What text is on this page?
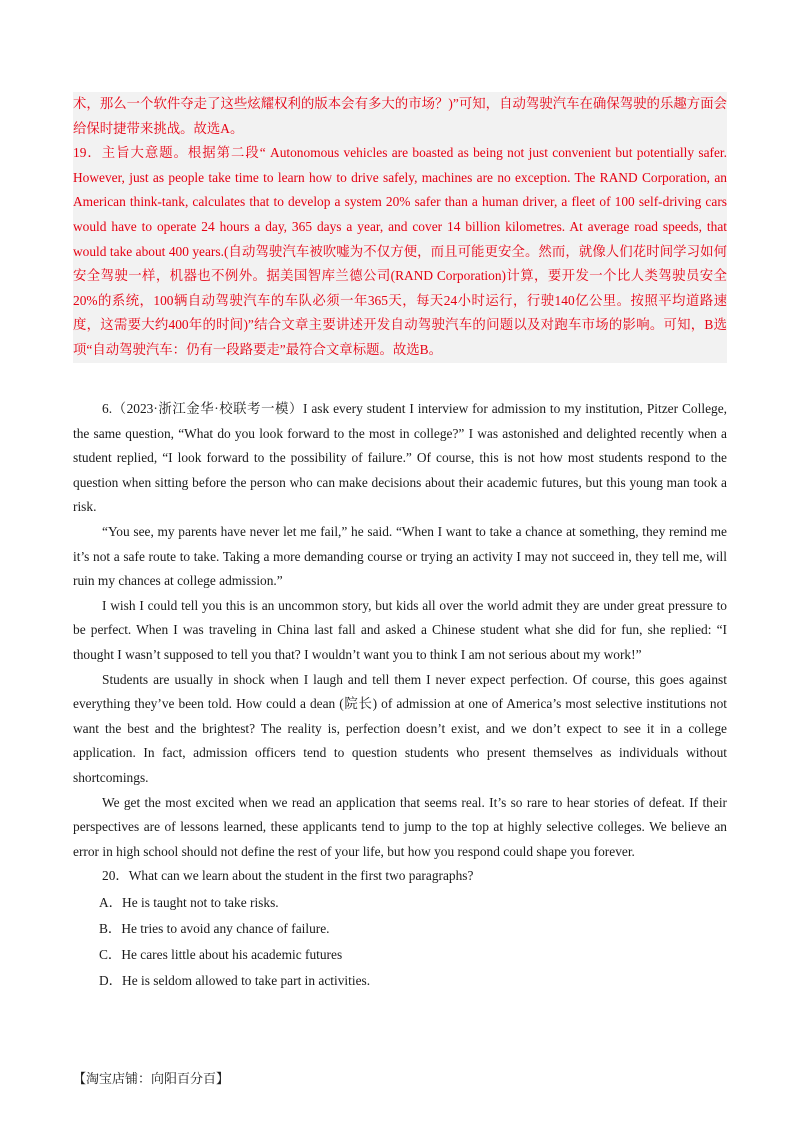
术，那么一个软件夺走了这些炫耀权利的版本会有多大的市场？)”可知，自动驾驶汽车在确保驾驶的乐趣方面会给保时捷带来挑战。故选A。

19．主旨大意题。根据第二段“ Autonomous vehicles are boasted as being not just convenient but potentially safer. However, just as people take time to learn how to drive safely, machines are no exception. The RAND Corporation, an American think-tank, calculates that to develop a system 20% safer than a human driver, a fleet of 100 self-driving cars would have to operate 24 hours a day, 365 days a year, and cover 14 billion kilometres. At average road speeds, that would take about 400 years.(自动驾驶汽车被吹嘘为不仅方便，而且可能更安全。然而，就像人们花时间学习如何安全驾驶一样，机器也不例外。据美国智库兰德公司(RAND Corporation)计算，要开发一个比人类驾驶员安全20%的系统，100辆自动驾驶汽车的车队必须一年365天，每天24小时运行，行驶140亿公里。按照平均道路速度，这需要大约400年的时间)”结合文章主要讲述开发自动驾驶汽车的问题以及对跑车市场的影响。可知，B选项“自动驾驶汽车：仍有一段路要走”最符合文章标题。故选B。

6.（2023·浙江金华·校联考一模）I ask every student I interview for admission to my institution, Pitzer College, the same question, “What do you look forward to the most in college?” I was astonished and delighted recently when a student replied, “I look forward to the possibility of failure.” Of course, this is not how most students respond to the question when sitting before the person who can make decisions about their academic futures, but this young man took a risk.

“You see, my parents have never let me fail,” he said. “When I want to take a chance at something, they remind me it’s not a safe route to take. Taking a more demanding course or trying an activity I may not succeed in, they tell me, will ruin my chances at college admission.”

I wish I could tell you this is an uncommon story, but kids all over the world admit they are under great pressure to be perfect. When I was traveling in China last fall and asked a Chinese student what she did for fun, she replied: “I thought I wasn’t supposed to tell you that? I wouldn’t want you to think I am not serious about my work!”

Students are usually in shock when I laugh and tell them I never expect perfection. Of course, this goes against everything they’ve been told. How could a dean (院长) of admission at one of America’s most selective institutions not want the best and the brightest? The reality is, perfection doesn’t exist, and we don’t expect to see it in a college application. In fact, admission officers tend to question students who present themselves as individuals without shortcomings.

We get the most excited when we read an application that seems real. It’s so rare to hear stories of defeat. If their perspectives are of lessons learned, these applicants tend to jump to the top at highly selective colleges. We believe an error in high school should not define the rest of your life, but how you respond could shape you forever.

20．What can we learn about the student in the first two paragraphs?

A．He is taught not to take risks.
B．He tries to avoid any chance of failure.
C．He cares little about his academic futures
D．He is seldom allowed to take part in activities.
【淘宝店铺：向阳百分百】
